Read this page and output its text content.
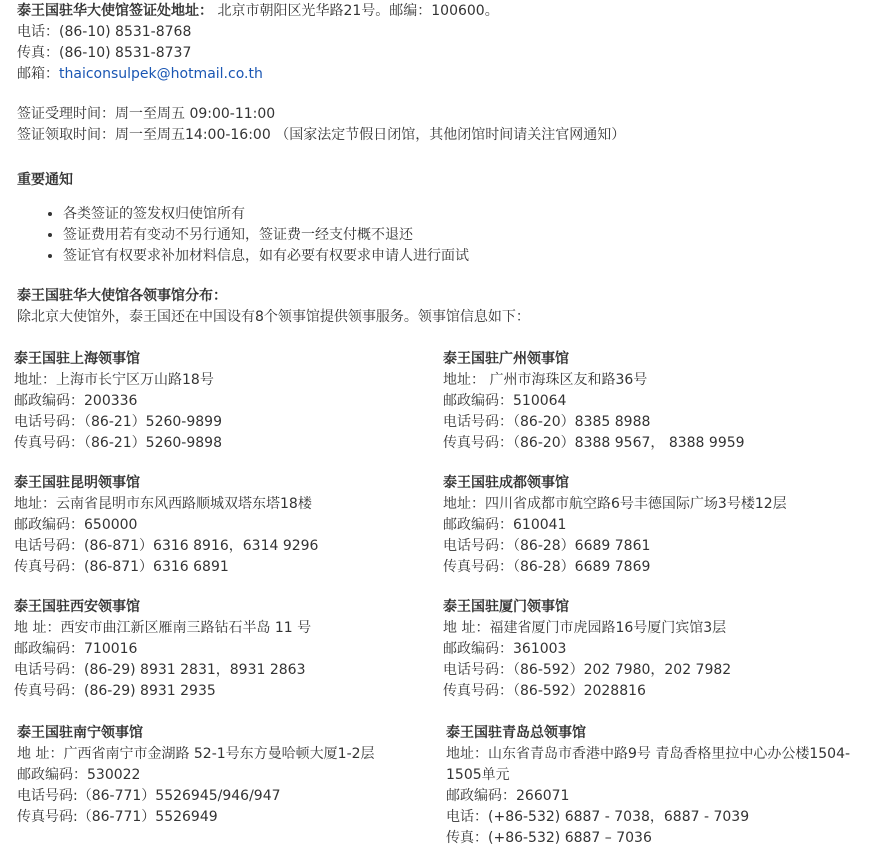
泰王国驻华大使馆签证处地址： 北京市朝阳区光华路21号。邮编：100600。
电话：(86-10) 8531-8768
传真：(86-10) 8531-8737
邮箱：thaiconsulpek@hotmail.co.th
签证受理时间：周一至周五 09:00-11:00
签证领取时间：周一至周五14:00-16:00 （国家法定节假日闭馆，其他闭馆时间请关注官网通知）
重要通知
• 各类签证的签发权归使馆所有
• 签证费用若有变动不另行通知，签证费一经支付概不退还
• 签证官有权要求补加材料信息，如有必要有权要求申请人进行面试
泰王国驻华大使馆各领事馆分布：
除北京大使馆外，泰王国还在中国设有8个领事馆提供领事服务。领事馆信息如下：
泰王国驻上海领事馆
地址：上海市长宁区万山路18号
邮政编码：200336
电话号码：（86-21）5260-9899
传真号码：（86-21）5260-9898
泰王国驻广州领事馆
地址： 广州市海珠区友和路36号
邮政编码：510064
电话号码：（86-20）8385 8988
传真号码：（86-20）8388 9567， 8388 9959
泰王国驻昆明领事馆
地址：云南省昆明市东风西路顺城双塔东塔18楼
邮政编码：650000
电话号码：(86-871）6316 8916，6314 9296
传真号码：(86-871）6316 6891
泰王国驻成都领事馆
地址：四川省成都市航空路6号丰德国际广场3号楼12层
邮政编码：610041
电话号码：（86-28）6689 7861
传真号码：（86-28）6689 7869
泰王国驻西安领事馆
地 址：西安市曲江新区雁南三路钻石半岛 11 号
邮政编码：710016
电话号码：(86-29) 8931 2831，8931 2863
传真号码：(86-29) 8931 2935
泰王国驻厦门领事馆
地 址：福建省厦门市虎园路16号厦门宾馆3层
邮政编码：361003
电话号码：（86-592）202 7980，202 7982
传真号码：（86-592）2028816
泰王国驻南宁领事馆
地 址：广西省南宁市金湖路 52-1号东方曼哈顿大厦1-2层
邮政编码：530022
电话号码:（86-771）5526945/946/947
传真号码:（86-771）5526949
泰王国驻青岛总领事馆
地址：山东省青岛市香港中路9号 青岛香格里拉中心办公楼1504-1505单元
邮政编码：266071
电话：(+86-532) 6887 - 7038，6887 - 7039
传真：(+86-532) 6887 – 7036
